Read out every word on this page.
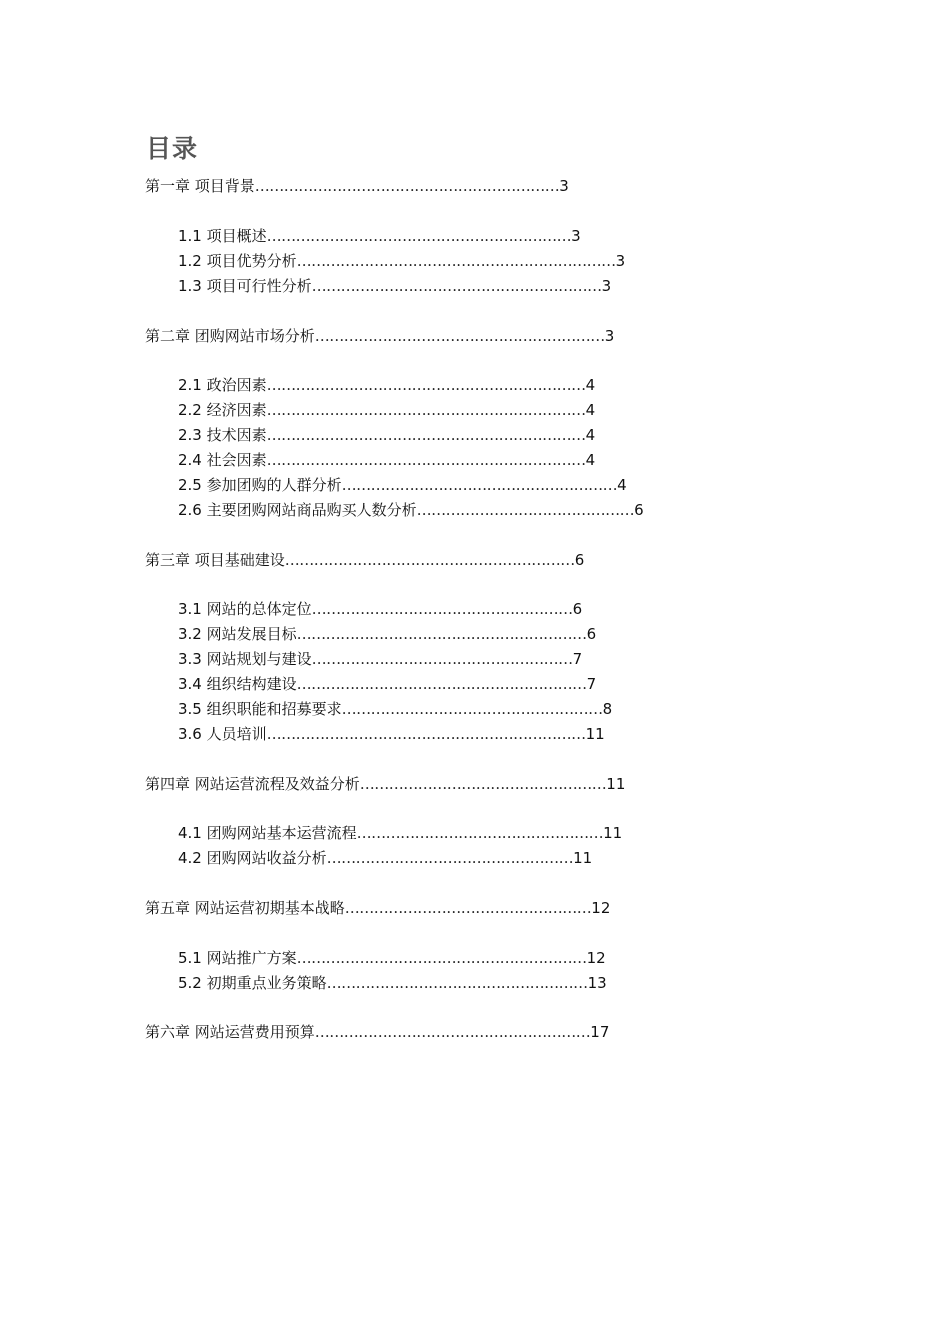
目录
第一章 项目背景………………………………………………………3
1.1 项目概述………………………………………………………3
1.2 项目优势分析…………………………………………………………3
1.3 项目可行性分析……………………………………………………3
第二章 团购网站市场分析……………………………………………………3
2.1 政治因素…………………………………………………………4
2.2 经济因素…………………………………………………………4
2.3 技术因素…………………………………………………………4
2.4 社会因素…………………………………………………………4
2.5 参加团购的人群分析…………………………………………………4
2.6 主要团购网站商品购买人数分析………………………………………6
第三章 项目基础建设……………………………………………………6
3.1 网站的总体定位………………………………………………6
3.2 网站发展目标……………………………………………………6
3.3 网站规划与建设………………………………………………7
3.4 组织结构建设……………………………………………………7
3.5 组织职能和招募要求………………………………………………8
3.6 人员培训…………………………………………………………11
第四章 网站运营流程及效益分析……………………………………………11
4.1 团购网站基本运营流程……………………………………………11
4.2 团购网站收益分析……………………………………………11
第五章 网站运营初期基本战略……………………………………………12
5.1 网站推广方案……………………………………………………12
5.2 初期重点业务策略………………………………………………13
第六章 网站运营费用预算…………………………………………………17
